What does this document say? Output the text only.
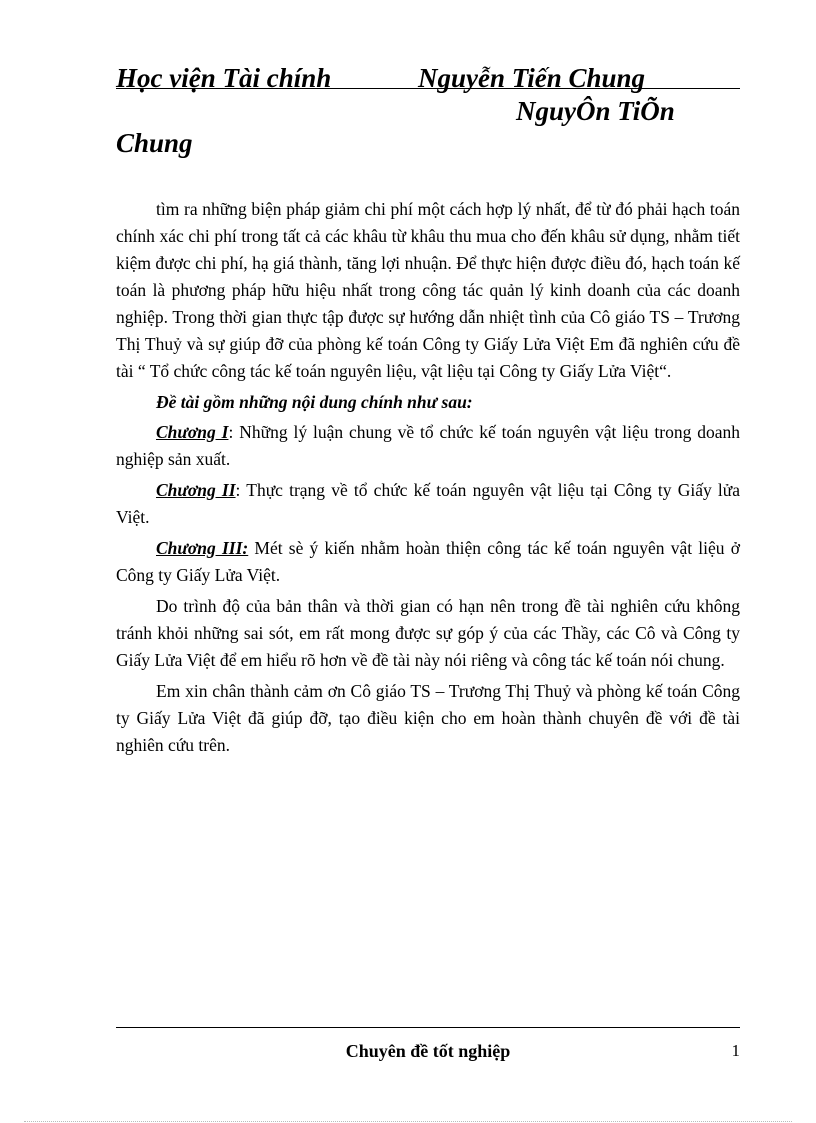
Học viện Tài chính	Nguyễn Tiến Chung
NguyÔn TiÕn
Chung

tìm ra những biện pháp giảm chi phí một cách hợp lý nhất, để từ đó phải hạch toán chính xác chi phí trong tất cả các khâu từ khâu thu mua cho đến khâu sử dụng, nhằm tiết kiệm được chi phí, hạ giá thành, tăng lợi nhuận. Để thực hiện được điều đó, hạch toán kế toán là phương pháp hữu hiệu nhất trong công tác quản lý kinh doanh của các doanh nghiệp. Trong thời gian thực tập được sự hướng dẫn nhiệt tình của Cô giáo TS – Trương Thị Thuỷ và sự giúp đỡ của phòng kế toán Công ty Giấy Lửa Việt Em đã nghiên cứu đề tài “ Tổ chức công tác kế toán nguyên liệu, vật liệu tại Công ty Giấy Lửa Việt“.

Đề tài gồm những nội dung chính như sau:

Chương I: Những lý luận chung về tổ chức kế toán nguyên vật liệu trong doanh nghiệp sản xuất.

Chương II: Thực trạng về tổ chức kế toán nguyên vật liệu tại Công ty Giấy lửa Việt.

Chương III: Mét sè ý kiến nhằm hoàn thiện công tác kế toán nguyên vật liệu ở Công ty Giấy Lửa Việt.

Do trình độ của bản thân và thời gian có hạn nên trong đề tài nghiên cứu không tránh khỏi những sai sót, em rất mong được sự góp ý của các Thầy, các Cô và Công ty Giấy Lửa Việt để em hiểu rõ hơn về đề tài này nói riêng và công tác kế toán nói chung.

Em xin chân thành cảm ơn Cô giáo TS – Trương Thị Thuỷ và phòng kế toán Công ty Giấy Lửa Việt đã giúp đỡ, tạo điều kiện cho em hoàn thành chuyên đề với đề tài nghiên cứu trên.

Chuyên đề tốt nghiệp	1
